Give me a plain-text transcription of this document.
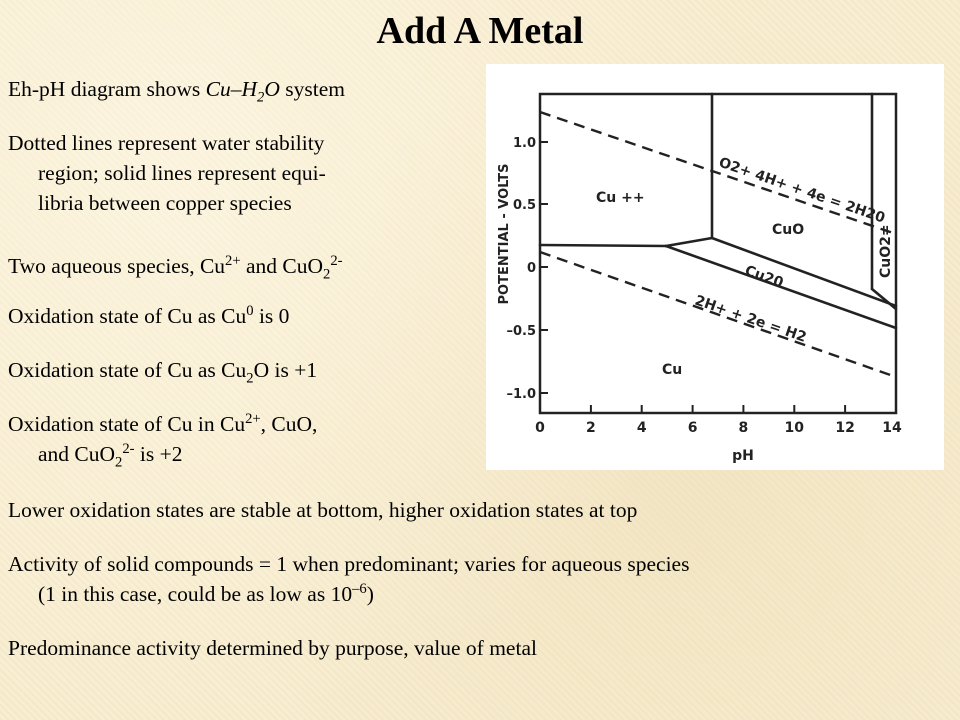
Add A Metal
Eh-pH diagram shows $Cu-H_2O$ system
Dotted lines represent water stability
region; solid lines represent equi-
libria between copper species
Two aqueous species, $Cu^{2+}$ and CuO$_2^{2-}$
Oxidation state of Cu as Cu$^0$ is 0
Oxidation state of Cu as $Cu_2O$ is +1
Oxidation state of Cu in $Cu^{2+}$, CuO,
and CuO$_2^{2-}$ is +2
Lower oxidation states are stable at bottom, higher oxidation states at top
Activity of solid compounds = 1 when predominant; varies for aqueous species
(1 in this case, could be as low as $10^{-6}$)
Predominance activity determined by purpose, value of metal
0	2	4	6	8	10 12 14
1.0
0.5
0
–0.5
–1.0
POTENTIAL - VOLTS
pH
Cu ++
CuO
Cu20
Cu
CuO2=
O2+ 4H+ + 4e = 2H20
2H+ + 2e = H2
